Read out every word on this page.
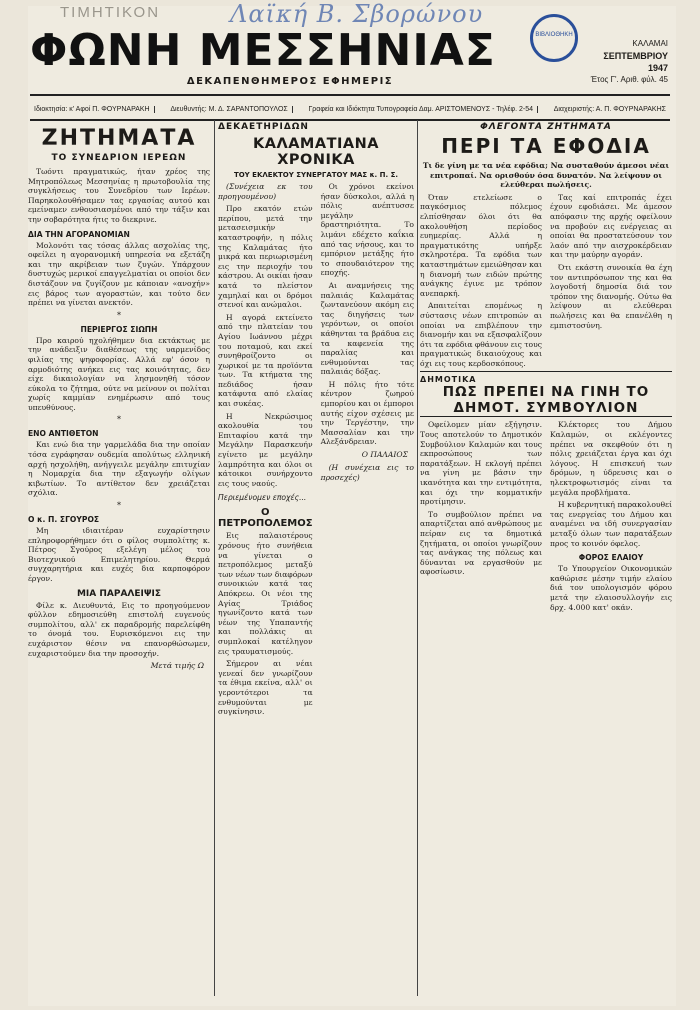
ΤΙΜΗΤΙΚΟΝ	Λαϊκή Β. Σβορώνου
ΦΩΝΗ ΜΕΣΣΗΝΙΑΣ	ΒΙΒΛΙΟΘΗΚΗ
ΚΑΛΑΜΑΙ
ΣΕΠΤΕΜΒΡΙΟΥ 1947
Έτος Γ'. Αριθ. φύλ. 45
ΔΕΚΑΠΕΝΘΗΜΕΡΟΣ ΕΦΗΜΕΡΙΣ
Ιδιοκτησία: κ' Αφοί Π. ΦΟΥΡΝΑΡΑΚΗ	Διευθυντής: Μ. Δ. ΣΑΡΑΝΤΟΠΟΥΛΟΣ	Γραφεία και Ιδιόκτητα Τυπογραφεία Δαμ. ΑΡΙΣΤΟΜΕΝΟΥΣ - Τηλέφ. 2-54	Διαχειριστής: Α. Π. ΦΟΥΡΝΑΡΑΚΗΣ
ΖΗΤΗΜΑΤΑ
ΤΟ ΣΥΝΕΔΡΙΟΝ ΙΕΡΕΩΝ

Τωόντι πραγματικώς, ήταν χρέος της Μητροπόλεως Μεσσηνίας η πρωτοβουλία της συγκλήσεως του Συνεδρίου των Ιερέων. Παρηκολουθήσαμεν τας εργασίας αυτού και εμείναμεν ενθουσιασμένοι από την τάξιν και την σοβαρότητα ήτις το διεκρινε.

ΔΙΑ ΤΗΝ ΑΓΟΡΑΝΟΜΙΑΝ

Μολονότι τας τόσας άλλας ασχολίας της, οφείλει η αγορανομική υπηρεσία να εξετάζη και την ακρίβειαν των ζυγών. Υπάρχουν δυστυχώς μερικοί επαγγελματίαι οι οποίοι δεν διστάζουν να ζυγίζουν με κάποιαν «ανοχήν» εις βάρος των αγοραστών, και τούτο δεν πρέπει να γίνεται ανεκτόν.

*
ΠΕΡΙΕΡΓΟΣ ΣΙΩΠΗ

Προ καιρού ηχολήθημεν δια εκτάκτως με την ανάδειξιν διαθέσεως της υαρμενίδος φιλίας της ψηφοφορίας. Αλλά εφ' όσον η αρμοδιότης ανήκει εις τας κοινότητας, δεν είχε δικαιολογίαν να λησμονηθή τόσον εύκολα το ζήτημα, ούτε να μείνουν οι πολίται χωρίς καμμίαν ενημέρωσιν από τους υπευθύνους.

*
ΕΝΟ ΑΝΤΙΘΕΤΟΝ

Και ενώ δια την γαρμελάδα δια την οποίαν τόσα εγράφησαν ουδεμία απολύτως ελληνική αρχή ησχολήθη, ανήγγειλε μεγάλην επιτυχίαν η Νομαρχία δια την εξαγωγήν ολίγων κιβωτίων. Το αντίθετον δεν χρειάζεται σχόλια.

*
Ο κ. Π. ΣΓΟΥΡΟΣ

Μη ιδιαιτέραν ευχαρίστησιν επληροφορήθημεν ότι ο φίλος συμπολίτης κ. Πέτρος Σγούρος εξελέγη μέλος του Βιοτεχνικού Επιμελητηρίου. Θερμά συγχαρητήρια και ευχές δια καρποφόρον έργον.

ΜΙΑ ΠΑΡΑΛΕΙΨΙΣ

Φίλε κ. Διευθυντά, Εις το προηγούμενον φύλλον εδημοσιεύθη επιστολή ευγενούς συμπολίτου, αλλ' εκ παραδρομής παρελείφθη το όνομά του. Ευρισκόμενοι εις την ευχάριστον θέσιν να επανορθώσωμεν, ευχαριστούμεν δια την προσοχήν.

Μετά τιμής Ω
ΔΕΚΑΕΤΗΡΙΔΩΝ
ΚΑΛΑΜΑΤΙΑΝΑ ΧΡΟΝΙΚΑ
ΤΟΥ ΕΚΛΕΚΤΟΥ ΣΥΝΕΡΓΑΤΟΥ ΜΑΣ κ. Π. Σ.

(Συνέχεια εκ του προηγουμένου)

Προ εκατόν ετών περίπου, μετά την μετασεισμικήν καταστροφήν, η πόλις της Καλαμάτας ήτο μικρά και περιωρισμένη εις την περιοχήν του κάστρου. Αι οικίαι ήσαν κατά το πλείστον χαμηλαί και οι δρόμοι στενοί και ανώμαλοι.

Η αγορά εκτείνετο από την πλατείαν του Αγίου Ιωάννου μέχρι του ποταμού, και εκεί συνηθροίζοντο οι χωρικοί με τα προϊόντα των. Τα κτήματα της πεδιάδος ήσαν κατάφυτα από ελαίας και συκέας.

Η Νεκρώσιμος ακολουθία του Επιταφίου κατά την Μεγάλην Παρασκευήν εγίνετο με μεγάλην λαμπρότητα και όλοι οι κάτοικοι συνήρχοντο εις τους ναούς.

Περιεμένομεν εποχές...
Ο ΠΕΤΡΟΠΟΛΕΜΟΣ

Εις παλαιοτέρους χρόνους ήτο συνήθεια να γίνεται ο πετροπόλεμος μεταξύ των νέων των διαφόρων συνοικιών κατά τας Απόκρεω. Οι νέοι της Αγίας Τριάδος ηγωνίζοντο κατά των νέων της Υπαπαντής και πολλάκις αι συμπλοκαί κατέληγον εις τραυματισμούς.

Σήμερον αι νέαι γενεαί δεν γνωρίζουν τα έθιμα εκείνα, αλλ' οι γεροντότεροι τα ενθυμούνται με συγκίνησιν.

Οι χρόνοι εκείνοι ήσαν δύσκολοι, αλλά η πόλις ανέπτυσσε μεγάλην δραστηριότητα. Το λιμάνι εδέχετο καΐκια από τας νήσους, και το εμπόριον μετάξης ήτο το σπουδαιότερον της εποχής.

Αι αναμνήσεις της παλαιάς Καλαμάτας ζωντανεύουν ακόμη εις τας διηγήσεις των γερόντων, οι οποίοι κάθηνται τα βράδυα εις τα καφενεία της παραλίας και ενθυμούνται τας παλαιάς δόξας.

Η πόλις ήτο τότε κέντρον ζωηρού εμπορίου και οι έμποροι αυτής είχον σχέσεις με την Τεργέστην, την Μασσαλίαν και την Αλεξάνδρειαν.

Ο ΠΑΛΑΙΟΣ

(Η συνέχεια εις το προσεχές)

ΦΛΕΓΟΝΤΑ ΖΗΤΗΜΑΤΑ
ΠΕΡΙ ΤΑ ΕΦΟΔΙΑ

Τι δε γίνη με τα νέα εφόδια; Να συσταθούν άμεσοι νέαι επιτροπαί. Να ορισθούν όσα δυνατόν. Να λείψουν οι ελεύθεραι πωλήσεις.

Όταν ετελείωσε ο παγκόσμιος πόλεμος ελπίσθησαν όλοι ότι θα ακολουθήση περίοδος ευημερίας. Αλλά η πραγματικότης υπήρξε σκληροτέρα. Τα εφόδια των καταστημάτων εμειώθησαν και η διανομή των ειδών πρώτης ανάγκης έγινε με τρόπον ανεπαρκή.

Απαιτείται επομένως η σύστασις νέων επιτροπών αι οποίαι να επιβλέπουν την διανομήν και να εξασφαλίζουν ότι τα εφόδια φθάνουν εις τους πραγματικώς δικαιούχους και όχι εις τους κερδοσκόπους.

Τας καί επιτροπάς έχει έχουν εφοδιάσει. Με άμεσον απόφασιν της αρχής οφείλουν να προβούν εις ενέργειας αι οποίαι θα προστατεύσουν τον λαόν από την αισχροκέρδειαν και την μαύρην αγοράν.

Ότι εκάστη συνοικία θα έχη τον αντιπρόσωπον της και θα λογοδοτή δημοσία διά τον τρόπον της διανομής. Ούτω θα λείψουν αι ελεύθεραι πωλήσεις και θα επανέλθη η εμπιστοσύνη.

ΔΗΜΟΤΙΚΑ
ΠΩΣ ΠΡΕΠΕΙ ΝΑ ΓΙΝΗ ΤΟ ΔΗΜΟΤ. ΣΥΜΒΟΥΛΙΟΝ

Οφείλομεν μίαν εξήγησιν. Τους αποτελούν το Δημοτικόν Συμβούλιον Καλαμών και τους εκπροσώπους των παρατάξεων. Η εκλογή πρέπει να γίνη με βάσιν την ικανότητα και την εντιμότητα, και όχι την κομματικήν προτίμησιν.

Το συμβούλιον πρέπει να απαρτίζεται από ανθρώπους με πείραν εις τα δημοτικά ζητήματα, οι οποίοι γνωρίζουν τας ανάγκας της πόλεως και δύνανται να εργασθούν με αφοσίωσιν.

Κλέκτορες του Δήμου Καλαμών, οι εκλέγοντες πρέπει να σκεφθούν ότι η πόλις χρειάζεται έργα και όχι λόγους. Η επισκευή των δρόμων, η ύδρευσις και ο ηλεκτροφωτισμός είναι τα μεγάλα προβλήματα.

Η κυβερνητική παρακολουθεί τας ενεργείας του Δήμου και αναμένει να ιδή συνεργασίαν μεταξύ όλων των παρατάξεων προς το κοινόν όφελος.

ΦΟΡΟΣ ΕΛΑΙΟΥ

Το Υπουργείον Οικονομικών καθώρισε μέσην τιμήν ελαίου διά τον υπολογισμόν φόρου μετά την ελαιοσυλλογήν εις δρχ. 4.000 κατ' οκάν.
